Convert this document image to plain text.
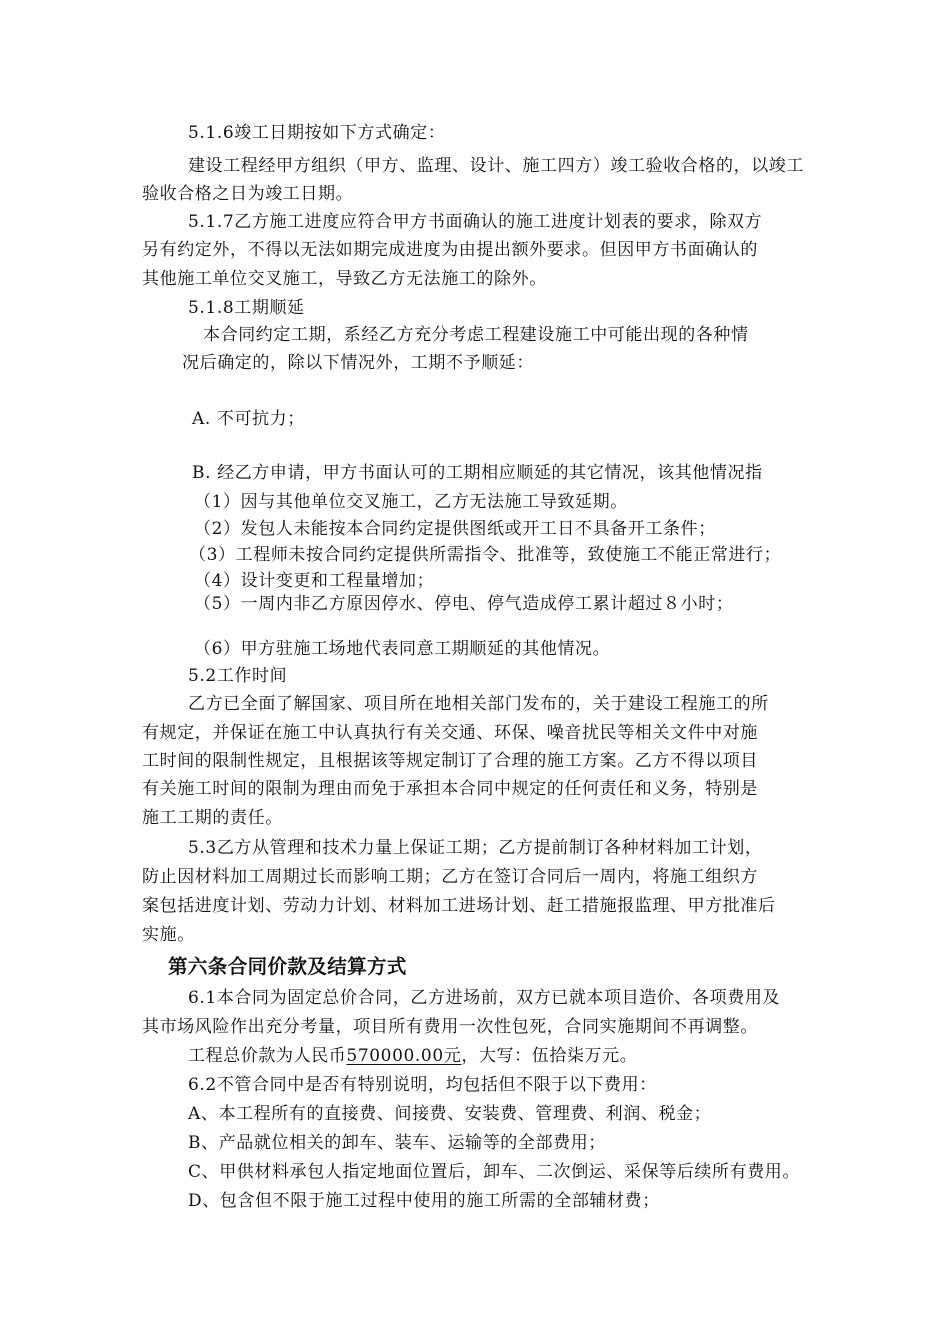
5.1.6竣工日期按如下方式确定：
建设工程经甲方组织（甲方、监理、设计、施工四方）竣工验收合格的，以竣工
验收合格之日为竣工日期。
5.1.7乙方施工进度应符合甲方书面确认的施工进度计划表的要求，除双方
另有约定外，不得以无法如期完成进度为由提出额外要求。但因甲方书面确认的
其他施工单位交叉施工，导致乙方无法施工的除外。
5.1.8工期顺延
本合同约定工期，系经乙方充分考虑工程建设施工中可能出现的各种情
况后确定的，除以下情况外，工期不予顺延：
A. 不可抗力；
B. 经乙方申请，甲方书面认可的工期相应顺延的其它情况，该其他情况指
（1）因与其他单位交叉施工，乙方无法施工导致延期。
（2）发包人未能按本合同约定提供图纸或开工日不具备开工条件；
（3）工程师未按合同约定提供所需指令、批准等，致使施工不能正常进行；
（4）设计变更和工程量增加；
（5）一周内非乙方原因停水、停电、停气造成停工累计超过８小时；
（6）甲方驻施工场地代表同意工期顺延的其他情况。
5.2工作时间
乙方已全面了解国家、项目所在地相关部门发布的，关于建设工程施工的所
有规定，并保证在施工中认真执行有关交通、环保、噪音扰民等相关文件中对施
工时间的限制性规定，且根据该等规定制订了合理的施工方案。乙方不得以项目
有关施工时间的限制为理由而免于承担本合同中规定的任何责任和义务，特别是
施工工期的责任。
5.3乙方从管理和技术力量上保证工期；乙方提前制订各种材料加工计划，
防止因材料加工周期过长而影响工期；乙方在签订合同后一周内，将施工组织方
案包括进度计划、劳动力计划、材料加工进场计划、赶工措施报监理、甲方批准后
实施。
第六条合同价款及结算方式
6.1本合同为固定总价合同，乙方进场前，双方已就本项目造价、各项费用及
其市场风险作出充分考量，项目所有费用一次性包死，合同实施期间不再调整。
工程总价款为人民币570000.00元，大写：伍拾柒万元。
6.2不管合同中是否有特别说明，均包括但不限于以下费用：
A、本工程所有的直接费、间接费、安装费、管理费、利润、税金；
B、产品就位相关的卸车、装车、运输等的全部费用；
C、甲供材料承包人指定地面位置后，卸车、二次倒运、采保等后续所有费用。
D、包含但不限于施工过程中使用的施工所需的全部辅材费；
